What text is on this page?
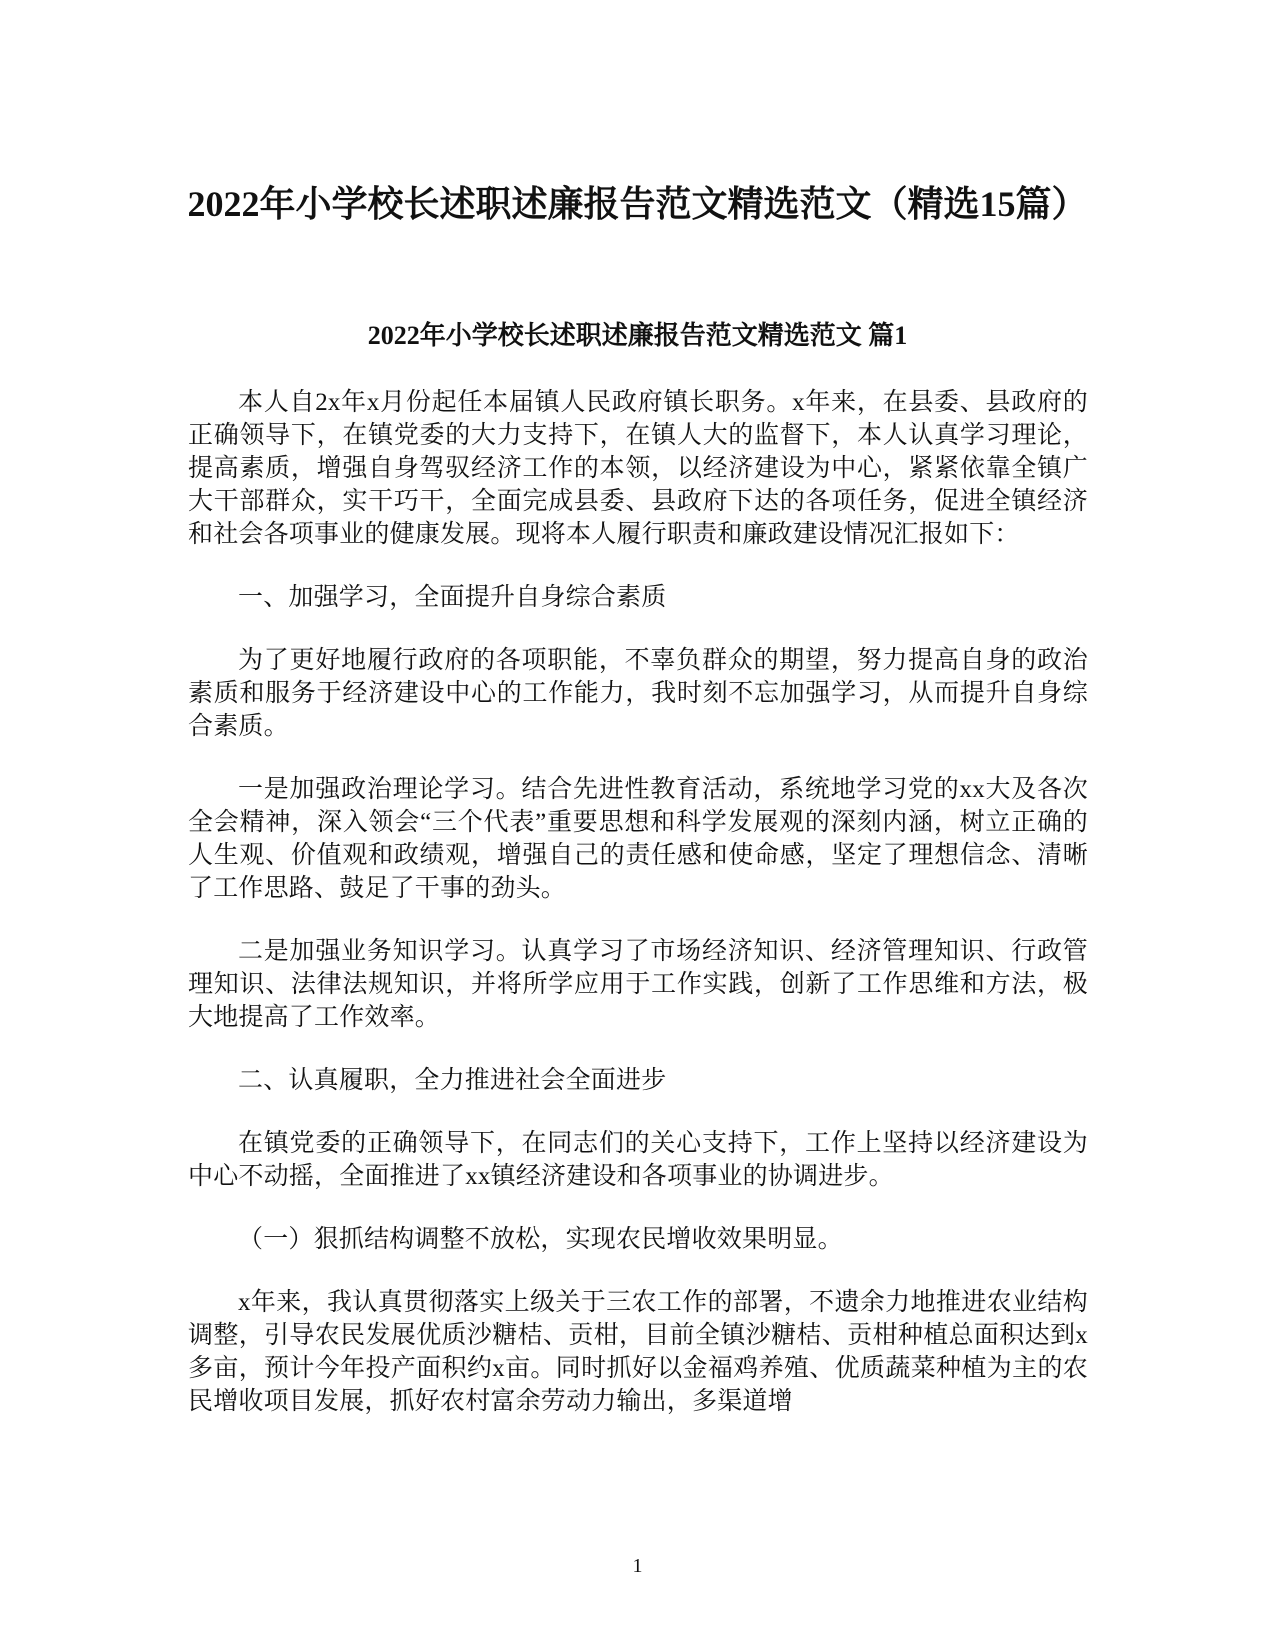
2022年小学校长述职述廉报告范文精选范文（精选15篇）
2022年小学校长述职述廉报告范文精选范文 篇1

本人自2x年x月份起任本届镇人民政府镇长职务。x年来，在县委、县政府的正确领导下，在镇党委的大力支持下，在镇人大的监督下，本人认真学习理论，提高素质，增强自身驾驭经济工作的本领，以经济建设为中心，紧紧依靠全镇广大干部群众，实干巧干，全面完成县委、县政府下达的各项任务，促进全镇经济和社会各项事业的健康发展。现将本人履行职责和廉政建设情况汇报如下：

一、加强学习，全面提升自身综合素质

为了更好地履行政府的各项职能，不辜负群众的期望，努力提高自身的政治素质和服务于经济建设中心的工作能力，我时刻不忘加强学习，从而提升自身综合素质。

一是加强政治理论学习。结合先进性教育活动，系统地学习党的xx大及各次全会精神，深入领会“三个代表”重要思想和科学发展观的深刻内涵，树立正确的人生观、价值观和政绩观，增强自己的责任感和使命感，坚定了理想信念、清晰了工作思路、鼓足了干事的劲头。

二是加强业务知识学习。认真学习了市场经济知识、经济管理知识、行政管理知识、法律法规知识，并将所学应用于工作实践，创新了工作思维和方法，极大地提高了工作效率。

二、认真履职，全力推进社会全面进步

在镇党委的正确领导下，在同志们的关心支持下，工作上坚持以经济建设为中心不动摇，全面推进了xx镇经济建设和各项事业的协调进步。

（一）狠抓结构调整不放松，实现农民增收效果明显。

x年来，我认真贯彻落实上级关于三农工作的部署，不遗余力地推进农业结构调整，引导农民发展优质沙糖桔、贡柑，目前全镇沙糖桔、贡柑种植总面积达到x多亩，预计今年投产面积约x亩。同时抓好以金福鸡养殖、优质蔬菜种植为主的农民增收项目发展，抓好农村富余劳动力输出，多渠道增

1
